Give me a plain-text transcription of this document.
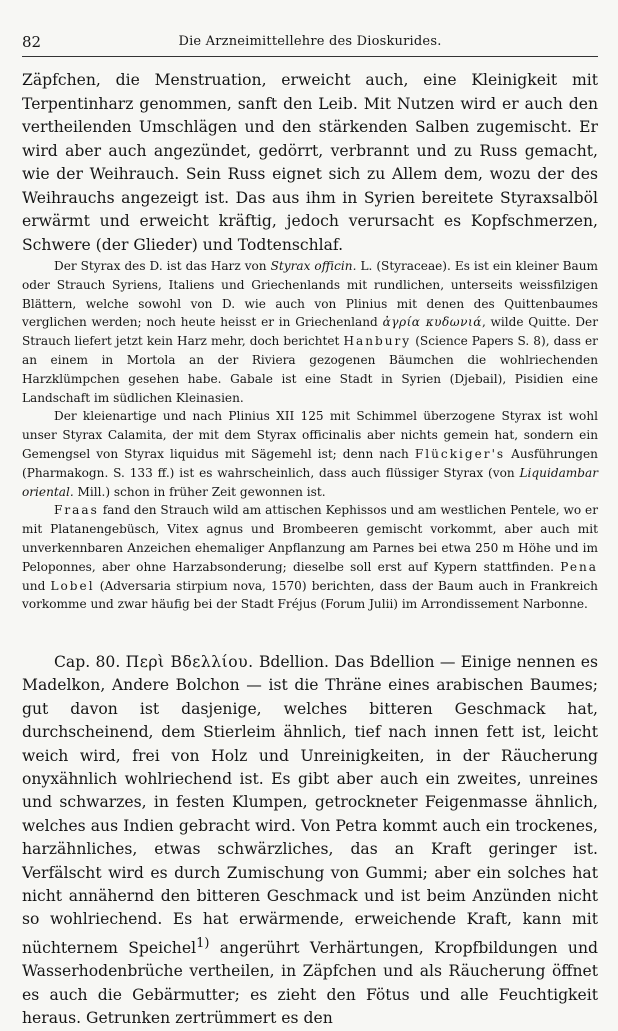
82	Die Arzneimittellehre des Dioskurides.

Zäpfchen, die Menstruation, erweicht auch, eine Kleinigkeit mit Terpentinharz genommen, sanft den Leib. Mit Nutzen wird er auch den vertheilenden Umschlägen und den stärkenden Salben zugemischt. Er wird aber auch angezündet, gedörrt, verbrannt und zu Russ gemacht, wie der Weihrauch. Sein Russ eignet sich zu Allem dem, wozu der des Weihrauchs angezeigt ist. Das aus ihm in Syrien bereitete Styraxsalböl erwärmt und erweicht kräftig, jedoch verursacht es Kopfschmerzen, Schwere (der Glieder) und Todtenschlaf.

Der Styrax des D. ist das Harz von Styrax officin. L. (Styraceae). Es ist ein kleiner Baum oder Strauch Syriens, Italiens und Griechenlands mit rundlichen, unterseits weissfilzigen Blättern, welche sowohl von D. wie auch von Plinius mit denen des Quittenbaumes verglichen werden; noch heute heisst er in Griechenland ἀγρία κυδωνιά, wilde Quitte. Der Strauch liefert jetzt kein Harz mehr, doch berichtet Hanbury (Science Papers S. 8), dass er an einem in Mortola an der Riviera gezogenen Bäumchen die wohlriechenden Harzklümpchen gesehen habe. Gabale ist eine Stadt in Syrien (Djebail), Pisidien eine Landschaft im südlichen Kleinasien.

Der kleienartige und nach Plinius XII 125 mit Schimmel überzogene Styrax ist wohl unser Styrax Calamita, der mit dem Styrax officinalis aber nichts gemein hat, sondern ein Gemengsel von Styrax liquidus mit Sägemehl ist; denn nach Flückiger's Ausführungen (Pharmakogn. S. 133 ff.) ist es wahrscheinlich, dass auch flüssiger Styrax (von Liquidambar oriental. Mill.) schon in früher Zeit gewonnen ist.

Fraas fand den Strauch wild am attischen Kephissos und am westlichen Pentele, wo er mit Platanengebüsch, Vitex agnus und Brombeeren gemischt vorkommt, aber auch mit unverkennbaren Anzeichen ehemaliger Anpflanzung am Parnes bei etwa 250 m Höhe und im Peloponnes, aber ohne Harzabsonderung; dieselbe soll erst auf Kypern stattfinden. Pena und Lobel (Adversaria stirpium nova, 1570) berichten, dass der Baum auch in Frankreich vorkomme und zwar häufig bei der Stadt Fréjus (Forum Julii) im Arrondissement Narbonne.

Cap. 80. Περὶ Βδελλίου. Bdellion. Das Bdellion — Einige nennen es Madelkon, Andere Bolchon — ist die Thräne eines arabischen Baumes; gut davon ist dasjenige, welches bitteren Geschmack hat, durchscheinend, dem Stierleim ähnlich, tief nach innen fett ist, leicht weich wird, frei von Holz und Unreinigkeiten, in der Räucherung onyxähnlich wohlriechend ist. Es gibt aber auch ein zweites, unreines und schwarzes, in festen Klumpen, getrockneter Feigenmasse ähnlich, welches aus Indien gebracht wird. Von Petra kommt auch ein trockenes, harzähnliches, etwas schwärzliches, das an Kraft geringer ist. Verfälscht wird es durch Zumischung von Gummi; aber ein solches hat nicht annähernd den bitteren Geschmack und ist beim Anzünden nicht so wohlriechend. Es hat erwärmende, erweichende Kraft, kann mit nüchternem Speichel$^{1)}$ angerührt Verhärtungen, Kropfbildungen und Wasserhodenbrüche vertheilen, in Zäpfchen und als Räucherung öffnet es auch die Gebärmutter; es zieht den Fötus und alle Feuchtigkeit heraus. Getrunken zertrümmert es den
